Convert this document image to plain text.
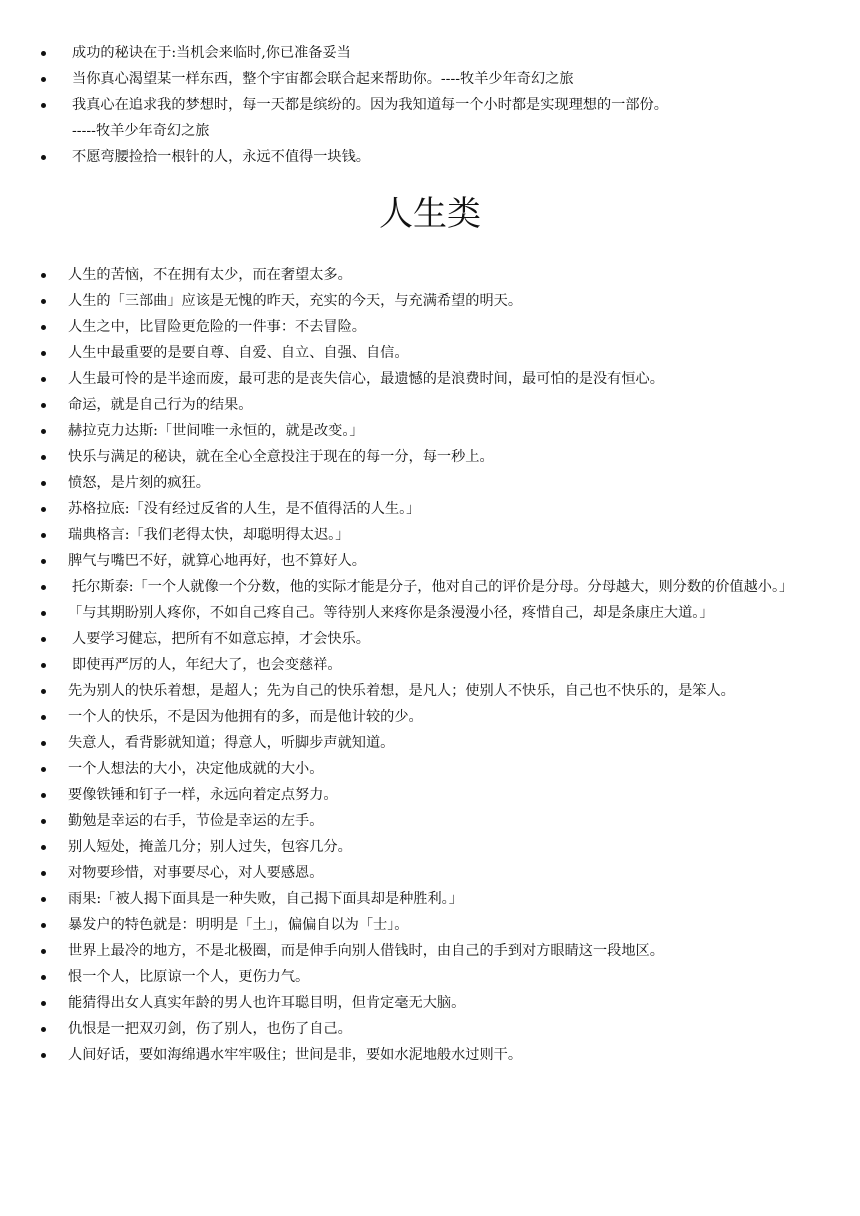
成功的秘诀在于:当机会来临时,你已准备妥当
当你真心渴望某一样东西，整个宇宙都会联合起来帮助你。----牧羊少年奇幻之旅
我真心在追求我的梦想时，每一天都是缤纷的。因为我知道每一个小时都是实现理想的一部份。
-----牧羊少年奇幻之旅
不愿弯腰捡拾一根针的人，永远不值得一块钱。
人生类
人生的苦恼，不在拥有太少，而在奢望太多。
人生的「三部曲」应该是无愧的昨天，充实的今天，与充满希望的明天。
人生之中，比冒险更危险的一件事：不去冒险。
人生中最重要的是要自尊、自爱、自立、自强、自信。
人生最可怜的是半途而废，最可悲的是丧失信心，最遗憾的是浪费时间，最可怕的是没有恒心。
命运，就是自己行为的结果。
赫拉克力达斯:「世间唯一永恒的，就是改变。」
快乐与满足的秘诀，就在全心全意投注于现在的每一分，每一秒上。
愤怒，是片刻的疯狂。
苏格拉底:「没有经过反省的人生，是不值得活的人生。」
瑞典格言:「我们老得太快，却聪明得太迟。」
脾气与嘴巴不好，就算心地再好，也不算好人。
托尔斯泰:「一个人就像一个分数，他的实际才能是分子，他对自己的评价是分母。分母越大，则分数的价值越小。」
「与其期盼别人疼你，不如自己疼自己。等待别人来疼你是条漫漫小径，疼惜自己，却是条康庄大道。」
人要学习健忘，把所有不如意忘掉，才会快乐。
即使再严厉的人，年纪大了，也会变慈祥。
先为别人的快乐着想，是超人；先为自己的快乐着想，是凡人；使别人不快乐，自己也不快乐的，是笨人。
一个人的快乐，不是因为他拥有的多，而是他计较的少。
失意人，看背影就知道；得意人，听脚步声就知道。
一个人想法的大小，决定他成就的大小。
要像铁锤和钉子一样，永远向着定点努力。
勤勉是幸运的右手，节俭是幸运的左手。
别人短处，掩盖几分；别人过失，包容几分。
对物要珍惜，对事要尽心，对人要感恩。
雨果:「被人揭下面具是一种失败，自己揭下面具却是种胜利。」
暴发户的特色就是：明明是「土」，偏偏自以为「士」。
世界上最冷的地方，不是北极圈，而是伸手向别人借钱时，由自己的手到对方眼睛这一段地区。
恨一个人，比原谅一个人，更伤力气。
能猜得出女人真实年龄的男人也许耳聪目明，但肯定毫无大脑。
仇恨是一把双刃剑，伤了别人，也伤了自己。
人间好话，要如海绵遇水牢牢吸住；世间是非，要如水泥地般水过则干。
